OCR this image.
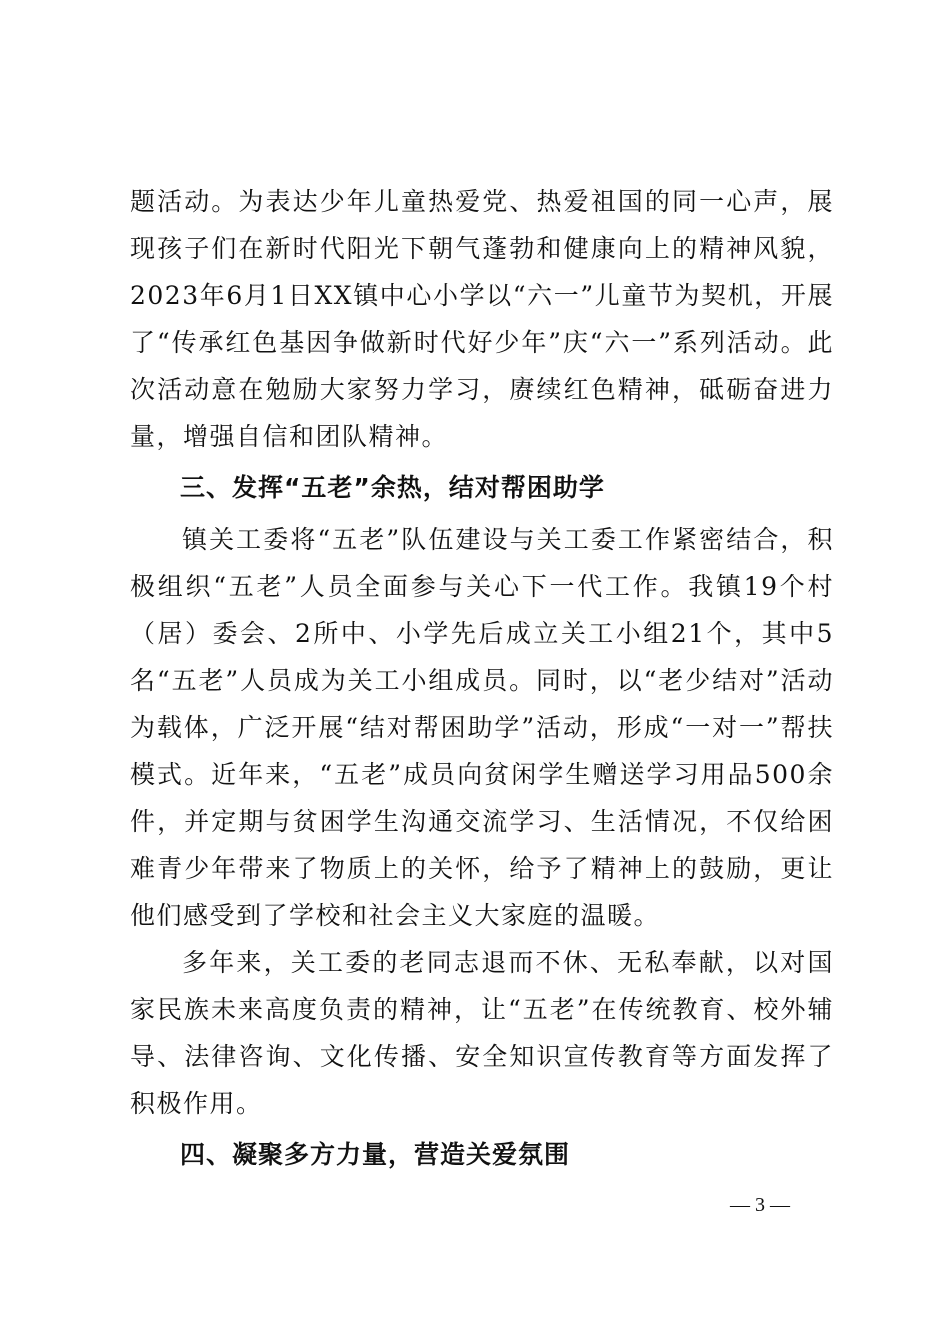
题活动。为表达少年儿童热爱党、热爱祖国的同一心声，展现孩子们在新时代阳光下朝气蓬勃和健康向上的精神风貌，2023年6月1日XX镇中心小学以“六一”儿童节为契机，开展了“传承红色基因争做新时代好少年”庆“六一”系列活动。此次活动意在勉励大家努力学习，赓续红色精神，砥砺奋进力量，增强自信和团队精神。

三、发挥“五老”余热，结对帮困助学

镇关工委将“五老”队伍建设与关工委工作紧密结合，积极组织“五老”人员全面参与关心下一代工作。我镇19个村（居）委会、2所中、小学先后成立关工小组21个，其中5名“五老”人员成为关工小组成员。同时，以“老少结对”活动为载体，广泛开展“结对帮困助学”活动，形成“一对一”帮扶模式。近年来，“五老”成员向贫闲学生赠送学习用品500余件，并定期与贫困学生沟通交流学习、生活情况，不仅给困难青少年带来了物质上的关怀，给予了精神上的鼓励，更让他们感受到了学校和社会主义大家庭的温暖。

多年来，关工委的老同志退而不休、无私奉献，以对国家民族未来高度负责的精神，让“五老”在传统教育、校外辅导、法律咨询、文化传播、安全知识宣传教育等方面发挥了积极作用。

四、凝聚多方力量，营造关爱氛围
— 3 —
